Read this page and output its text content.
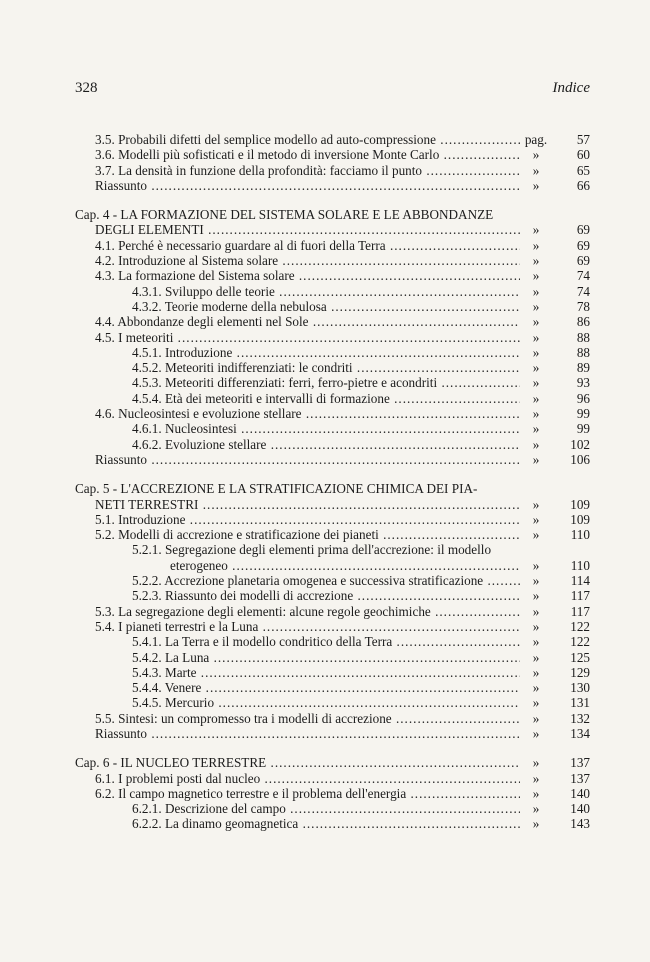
328	Indice
3.5. Probabili difetti del semplice modello ad auto-compressione .....	pag. 57
3.6. Modelli più sofisticati e il metodo di inversione Monte Carlo .....	»	60
3.7. La densità in funzione della profondità: facciamo il punto .....	»	65
Riassunto .....	»	66
Cap. 4 - LA FORMAZIONE DEL SISTEMA SOLARE E LE ABBONDANZE
DEGLI ELEMENTI .....	»	69
4.1. Perché è necessario guardare al di fuori della Terra .....	»	69
4.2. Introduzione al Sistema solare .....	»	69
4.3. La formazione del Sistema solare .....	»	74
4.3.1. Sviluppo delle teorie .....	»	74
4.3.2. Teorie moderne della nebulosa .....	»	78
4.4. Abbondanze degli elementi nel Sole .....	»	86
4.5. I meteoriti .....	»	88
4.5.1. Introduzione .....	»	88
4.5.2. Meteoriti indifferenziati: le condriti .....	»	89
4.5.3. Meteoriti differenziati: ferri, ferro-pietre e acondriti .....	»	93
4.5.4. Età dei meteoriti e intervalli di formazione .....	»	96
4.6. Nucleosintesi e evoluzione stellare .....	»	99
4.6.1. Nucleosintesi .....	»	99
4.6.2. Evoluzione stellare .....	»	102
Riassunto .....	»	106
Cap. 5 - L'ACCREZIONE E LA STRATIFICAZIONE CHIMICA DEI PIA-
NETI TERRESTRI .....	»	109
5.1. Introduzione .....	»	109
5.2. Modelli di accrezione e stratificazione dei pianeti .....	»	110
5.2.1. Segregazione degli elementi prima dell'accrezione: il modello
eterogeneo .....	»	110
5.2.2. Accrezione planetaria omogenea e successiva stratificazione .....	»	114
5.2.3. Riassunto dei modelli di accrezione .....	»	117
5.3. La segregazione degli elementi: alcune regole geochimiche .....	»	117
5.4. I pianeti terrestri e la Luna .....	»	122
5.4.1. La Terra e il modello condritico della Terra .....	»	122
5.4.2. La Luna .....	»	125
5.4.3. Marte .....	»	129
5.4.4. Venere .....	»	130
5.4.5. Mercurio .....	»	131
5.5. Sintesi: un compromesso tra i modelli di accrezione .....	»	132
Riassunto .....	»	134
Cap. 6 - IL NUCLEO TERRESTRE .....	»	137
6.1. I problemi posti dal nucleo .....	»	137
6.2. Il campo magnetico terrestre e il problema dell'energia .....	»	140
6.2.1. Descrizione del campo .....	»	140
6.2.2. La dinamo geomagnetica .....	»	143
